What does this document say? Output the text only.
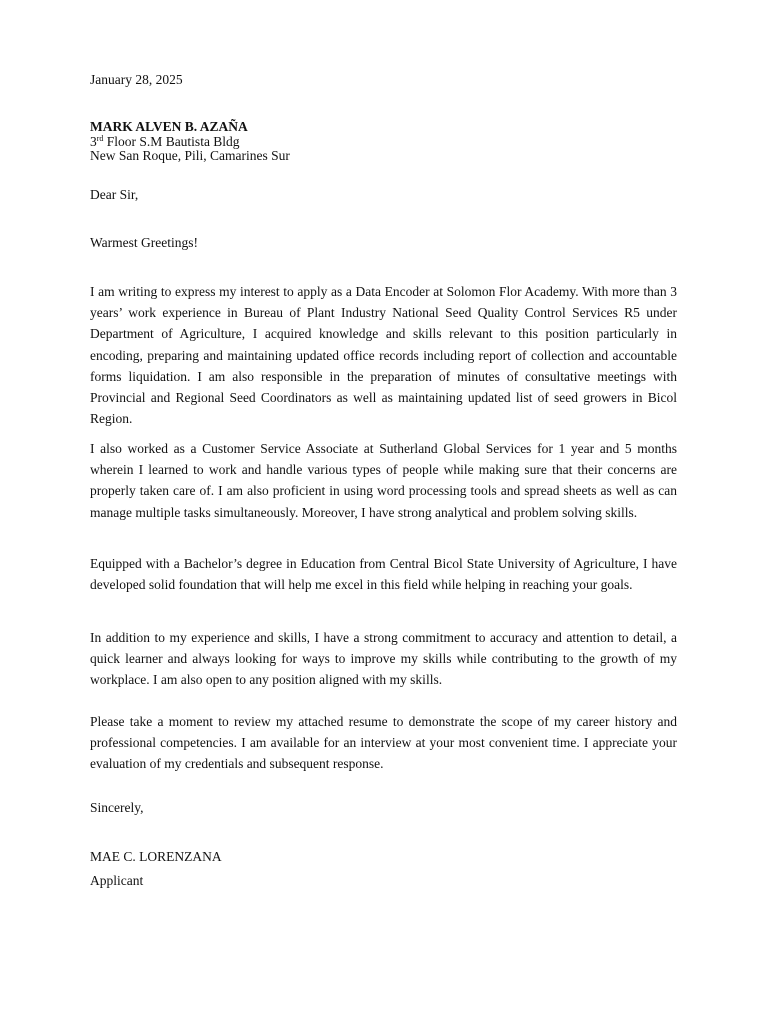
January 28, 2025
MARK ALVEN B. AZAÑA
3rd Floor S.M Bautista Bldg
New San Roque, Pili, Camarines Sur
Dear Sir,
Warmest Greetings!

I am writing to express my interest to apply as a Data Encoder at Solomon Flor Academy. With more than 3 years’ work experience in Bureau of Plant Industry National Seed Quality Control Services R5 under Department of Agriculture, I acquired knowledge and skills relevant to this position particularly in encoding, preparing and maintaining updated office records including report of collection and accountable forms liquidation. I am also responsible in the preparation of minutes of consultative meetings with Provincial and Regional Seed Coordinators as well as maintaining updated list of seed growers in Bicol Region.

I also worked as a Customer Service Associate at Sutherland Global Services for 1 year and 5 months wherein I learned to work and handle various types of people while making sure that their concerns are properly taken care of. I am also proficient in using word processing tools and spread sheets as well as can manage multiple tasks simultaneously. Moreover, I have strong analytical and problem solving skills.

Equipped with a Bachelor’s degree in Education from Central Bicol State University of Agriculture, I have developed solid foundation that will help me excel in this field while helping in reaching your goals.

In addition to my experience and skills, I have a strong commitment to accuracy and attention to detail, a quick learner and always looking for ways to improve my skills while contributing to the growth of my workplace. I am also open to any position aligned with my skills.

Please take a moment to review my attached resume to demonstrate the scope of my career history and professional competencies. I am available for an interview at your most convenient time. I appreciate your evaluation of my credentials and subsequent response.

Sincerely,
MAE C. LORENZANA
Applicant
